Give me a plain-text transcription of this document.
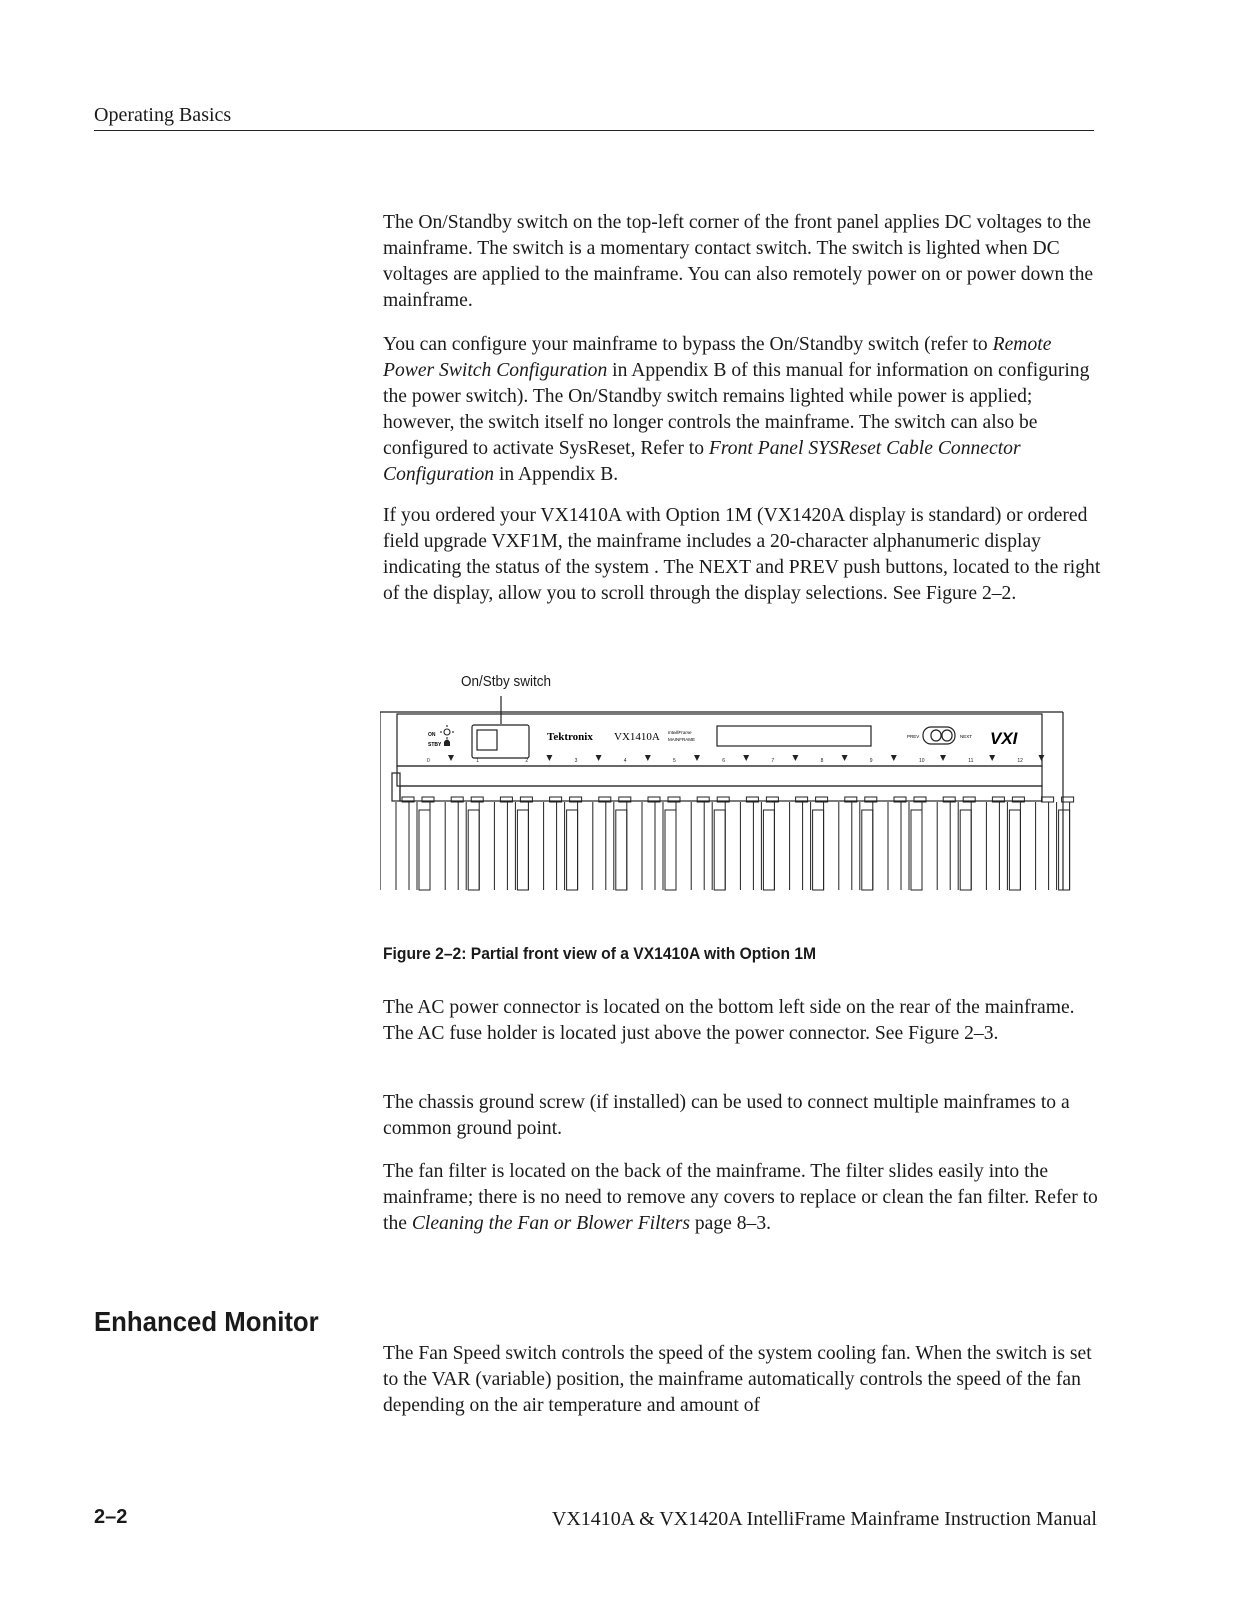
Operating Basics

The On/Standby switch on the top-left corner of the front panel applies DC voltages to the mainframe. The switch is a momentary contact switch. The switch is lighted when DC voltages are applied to the mainframe. You can also remotely power on or power down the mainframe.

You can configure your mainframe to bypass the On/Standby switch (refer to Remote Power Switch Configuration in Appendix B of this manual for information on configuring the power switch). The On/Standby switch remains lighted while power is applied; however, the switch itself no longer controls the mainframe. The switch can also be configured to activate SysReset, Refer to Front Panel SYSReset Cable Connector Configuration in Appendix B.

If you ordered your VX1410A with Option 1M (VX1420A display is standard) or ordered field upgrade VXF1M, the mainframe includes a 20-character alphanumeric display indicating the status of the system . The NEXT and PREV push buttons, located to the right of the display, allow you to scroll through the display selections. See Figure 2–2.

On/Stby switch
ON
STBY
Tektronix VX1410A IntelliFrame
MAINFRAME
PREV	NEXT VXI
0	1	2	3	4	5	6	7	8	9	10	11	12
Figure 2–2: Partial front view of a VX1410A with Option 1M

The AC power connector is located on the bottom left side on the rear of the mainframe. The AC fuse holder is located just above the power connector. See Figure 2–3.

The chassis ground screw (if installed) can be used to connect multiple mainframes to a common ground point.

The fan filter is located on the back of the mainframe. The filter slides easily into the mainframe; there is no need to remove any covers to replace or clean the fan filter. Refer to the Cleaning the Fan or Blower Filters page 8–3.

Enhanced Monitor

The Fan Speed switch controls the speed of the system cooling fan. When the switch is set to the VAR (variable) position, the mainframe automatically controls the speed of the fan depending on the air temperature and amount of

2–2	VX1410A & VX1420A IntelliFrame Mainframe Instruction Manual
